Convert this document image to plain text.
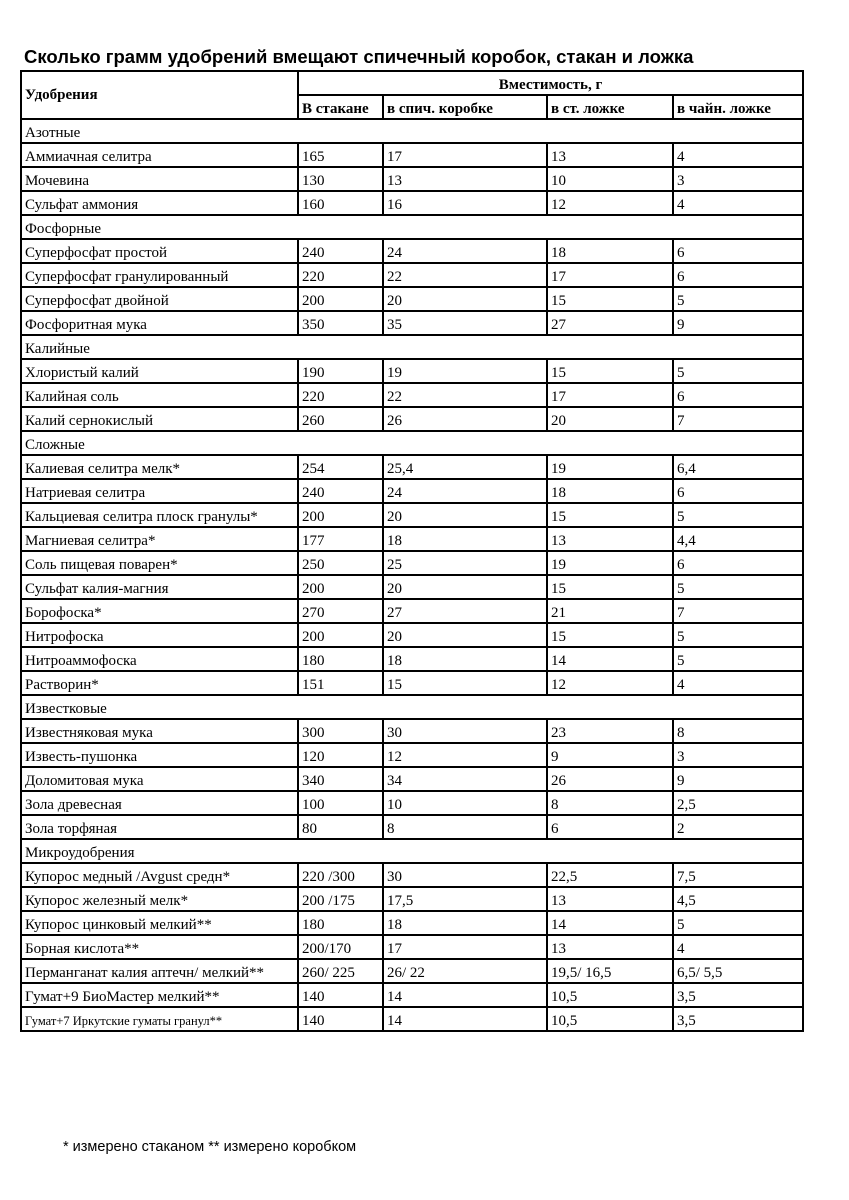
Сколько грамм удобрений вмещают спичечный коробок, стакан и ложка
Удобрения	Вместимость, г			
	В стакане	в спич. коробке	в ст. ложке	в чайн. ложке
Азотные				
Аммиачная селитра	165	17	13	4
Мочевина	130	13	10	3
Сульфат аммония	160	16	12	4
Фосфорные				
Суперфосфат простой	240	24	18	6
Суперфосфат гранулированный	220	22	17	6
Суперфосфат двойной	200	20	15	5
Фосфоритная мука	350	35	27	9
Калийные				
Хлористый калий	190	19	15	5
Калийная соль	220	22	17	6
Калий сернокислый	260	26	20	7
Сложные				
Калиевая селитра мелк*	254	25,4	19	6,4
Натриевая селитра	240	24	18	6
Кальциевая селитра плоск гранулы*	200	20	15	5
Магниевая селитра*	177	18	13	4,4
Соль пищевая поварен*	250	25	19	6
Сульфат калия-магния	200	20	15	5
Борофоска*	270	27	21	7
Нитрофоска	200	20	15	5
Нитроаммофоска	180	18	14	5
Растворин*	151	15	12	4
Известковые				
Известняковая мука	300	30	23	8
Известь-пушонка	120	12	9	3
Доломитовая мука	340	34	26	9
Зола древесная	100	10	8	2,5
Зола торфяная	80	8	6	2
Микроудобрения				
Купорос медный /Avgust средн*	220 /300	30	22,5	7,5
Купорос железный мелк*	200 /175	17,5	13	4,5
Купорос цинковый мелкий**	180	18	14	5
Борная кислота**	200/170	17	13	4
Перманганат калия аптечн/ мелкий**	260/ 225	26/ 22	19,5/ 16,5	6,5/ 5,5
Гумат+9 БиоМастер мелкий**	140	14	10,5	3,5
Гумат+7 Иркутские гуматы гранул**	140	14	10,5	3,5

* измерено стаканом ** измерено коробком
